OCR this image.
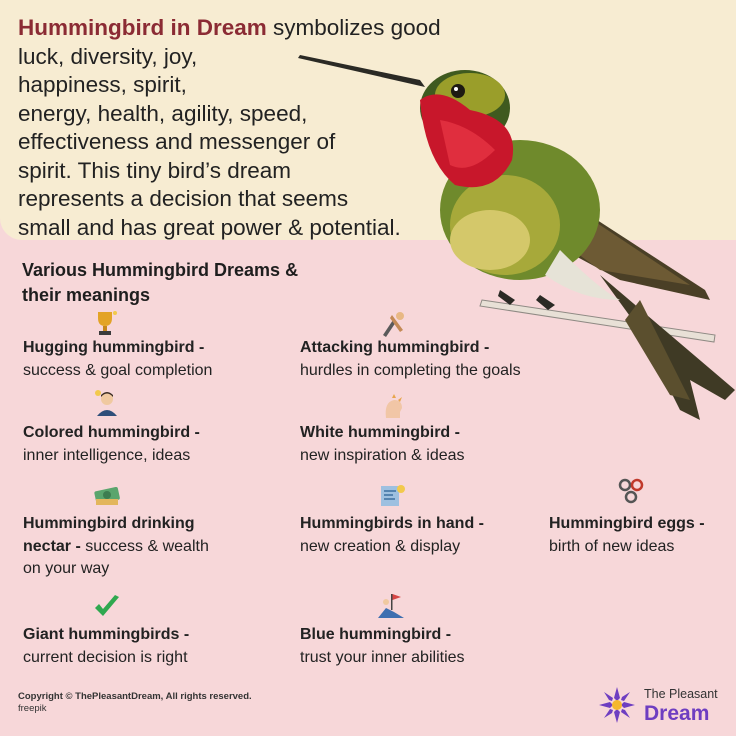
Hummingbird in Dream symbolizes good luck, diversity, joy,
happiness, spirit,
energy, health, agility, speed,
effectiveness and messenger of
spirit. This tiny bird’s dream
represents a decision that seems
small and has great power & potential.
Various Hummingbird Dreams &
their meanings
Hugging hummingbird -
success & goal completion
Attacking hummingbird -
hurdles in completing the goals
Colored hummingbird -
inner intelligence, ideas
White hummingbird -
new inspiration & ideas
Hummingbird drinking
nectar - success & wealth
on your way
Hummingbirds in hand -
new creation & display
Hummingbird eggs -
birth of new ideas
Giant hummingbirds -
current decision is right
Blue hummingbird -
trust your inner abilities
Copyright © ThePleasantDream, All rights reserved.
freepik
The Pleasant
Dream
